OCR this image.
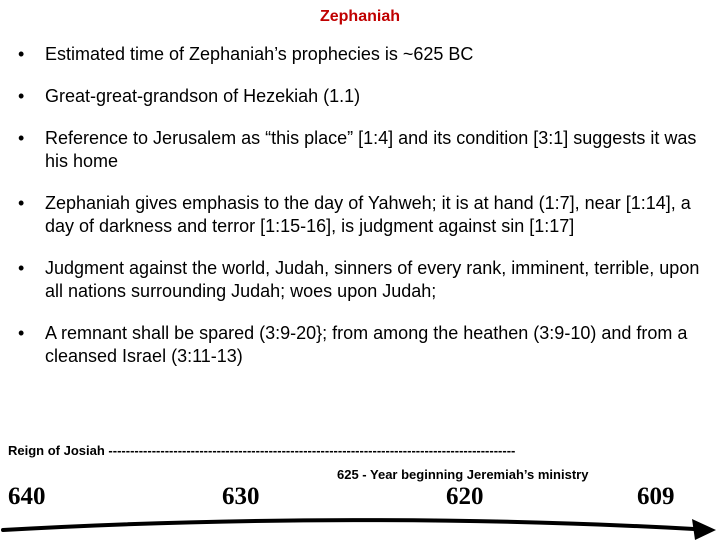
Zephaniah
• Estimated time of Zephaniah’s prophecies is ~625 BC
• Great-great-grandson of Hezekiah (1.1)
• Reference to Jerusalem as “this place” [1:4] and its condition [3:1] suggests it was his home
• Zephaniah gives emphasis to the day of Yahweh; it is at hand (1:7], near [1:14], a day of darkness and terror [1:15-16], is judgment against sin [1:17]
• Judgment against the world, Judah, sinners of every rank, imminent, terrible, upon all nations surrounding Judah; woes upon Judah;
• A remnant shall be spared (3:9-20}; from among the heathen (3:9-10) and from a cleansed Israel (3:11-13)
Reign of Josiah ----------------------------------------------------------------------------------------------
625 - Year beginning Jeremiah’s ministry
640	630	620	609
